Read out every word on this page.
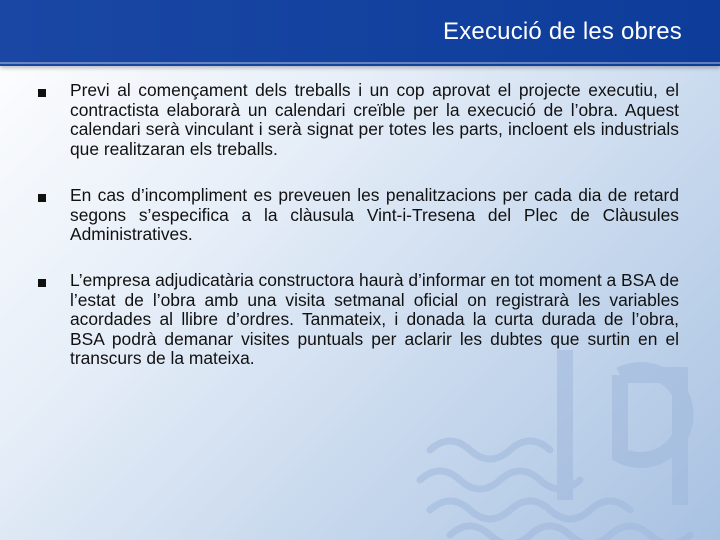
Execució de les obres

Previ al començament dels treballs i un cop aprovat el projecte executiu, el contractista elaborarà un calendari creïble per la execució de l’obra. Aquest calendari serà vinculant i serà signat per totes les parts, incloent els industrials que realitzaran els treballs.

En cas d’incompliment es preveuen les penalitzacions per cada dia de retard segons s’especifica a la clàusula Vint-i-Tresena del Plec de Clàusules Administratives.

L’empresa adjudicatària constructora haurà d’informar en tot moment a BSA de l’estat de l’obra amb una visita setmanal oficial on registrarà les variables acordades al llibre d’ordres. Tanmateix, i donada la curta durada de l’obra, BSA podrà demanar visites puntuals per aclarir les dubtes que surtin en el transcurs de la mateixa.
